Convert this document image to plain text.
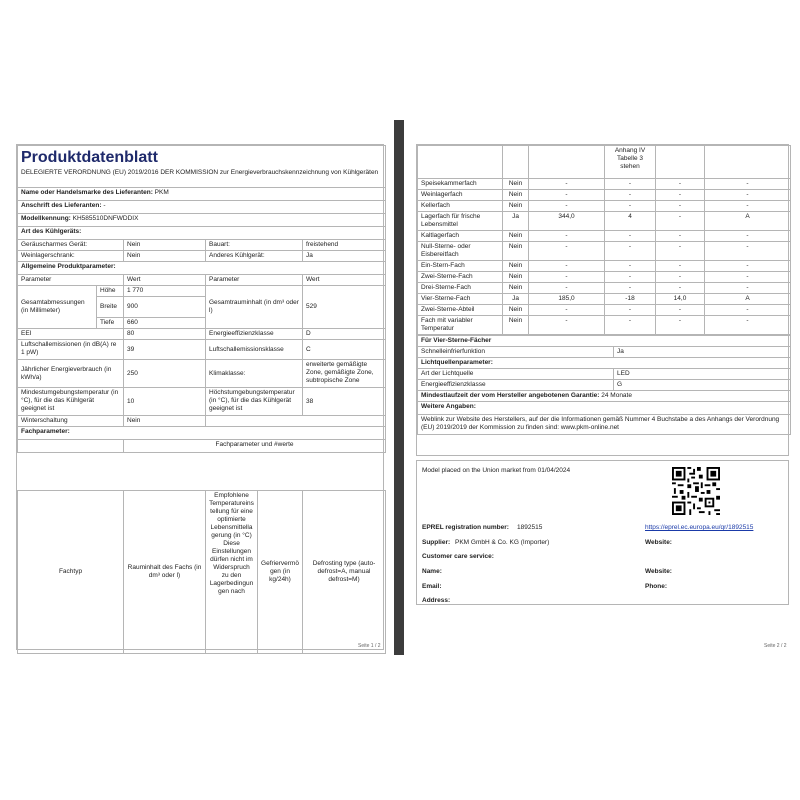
Produktdatenblatt				

DELEGIERTE VERORDNUNG (EU) 2019/2016 DER KOMMISSION zur Energieverbrauchskennzeichnung von Kühlgeräten				
Name oder Handelsmarke des Lieferanten: PKM				
Anschrift des Lieferanten: -				
Modellkennung: KH585510DNFWDDIX				
Art des Kühlgeräts:				
Geräuscharmes Gerät:		Nein	Bauart:	freistehend
Weinlagerschrank:		Nein	Anderes Kühlgerät:	Ja
Allgemeine Produktparameter:				
Parameter		Wert	Parameter	Wert
Gesamtabmessungen (in Millimeter)	Höhe	1 770	Gesamtrauminhalt (in dm³ oder l)	529
	Breite	900		
	Tiefe	660		
EEI		80	Energieeffizienzklasse	D
Luftschallemissionen (in dB(A) re 1 pW)		39	Luftschallemissionsklasse	C
Jährlicher Energieverbrauch (in kWh/a)		250	Klimaklasse:	erweiterte gemäßigte Zone, gemäßigte Zone, subtropische Zone
Mindestumgebungstemperatur (in °C), für die das Kühlgerät geeignet ist		10	Höchstumgebungstemperatur (in °C), für die das Kühlgerät geeignet ist	38
Winterschaltung		Nein		
Fachparameter:				
		Fachparameter und #werte		
Fachtyp	Rauminhalt des Fachs (in dm³ oder l)	Empfohlene Temperatureinstellung für eine optimierte Lebensmittellagerung (in °C) Diese Einstellungen dürfen nicht im Widerspruch zu den Lagerbedingungen nach	Gefriervermögen (in kg/24h)	Defrosting type (auto-defrost=A, manual defrost=M)
Seite 1 / 2
			Anhang IV Tabelle 3 stehen		
Speisekammerfach	Nein	-	-	-	-
Weinlagerfach	Nein	-	-	-	-
Kellerfach	Nein	-	-	-	-
Lagerfach für frische Lebensmittel	Ja	344,0	4	-	A
Kaltlagerfach	Nein	-	-	-	-
Null-Sterne- oder Eisbereitfach	Nein	-	-	-	-
Ein-Stern-Fach	Nein	-	-	-	-
Zwei-Sterne-Fach	Nein	-	-	-	-
Drei-Sterne-Fach	Nein	-	-	-	-
Vier-Sterne-Fach	Ja	185,0	-18	14,0	A
Zwei-Sterne-Abteil	Nein	-	-	-	-
Fach mit variabler Temperatur	Nein	-	-	-	-
Für Vier-Sterne-Fächer	
Schnelleinfrierfunktion	Ja
Lichtquellenparameter:	
Art der Lichtquelle	LED
Energieeffizienzklasse	G
Mindestlaufzeit der vom Hersteller angebotenen Garantie: 24 Monate	
Weitere Angaben:	
Weblink zur Website des Herstellers, auf der die Informationen gemäß Nummer 4 Buchstabe a des Anhangs der Verordnung (EU) 2019/2019 der Kommission zu finden sind: www.pkm-online.net	
Model placed on the Union market from 01/04/2024
EPREL registration number: 1892515	https://eprel.ec.europa.eu/qr/1892515
Supplier: PKM GmbH & Co. KG (Importer)	Website:
Customer care service:
Name:	Website:
Email:	Phone:
Address:
Seite 2 / 2
